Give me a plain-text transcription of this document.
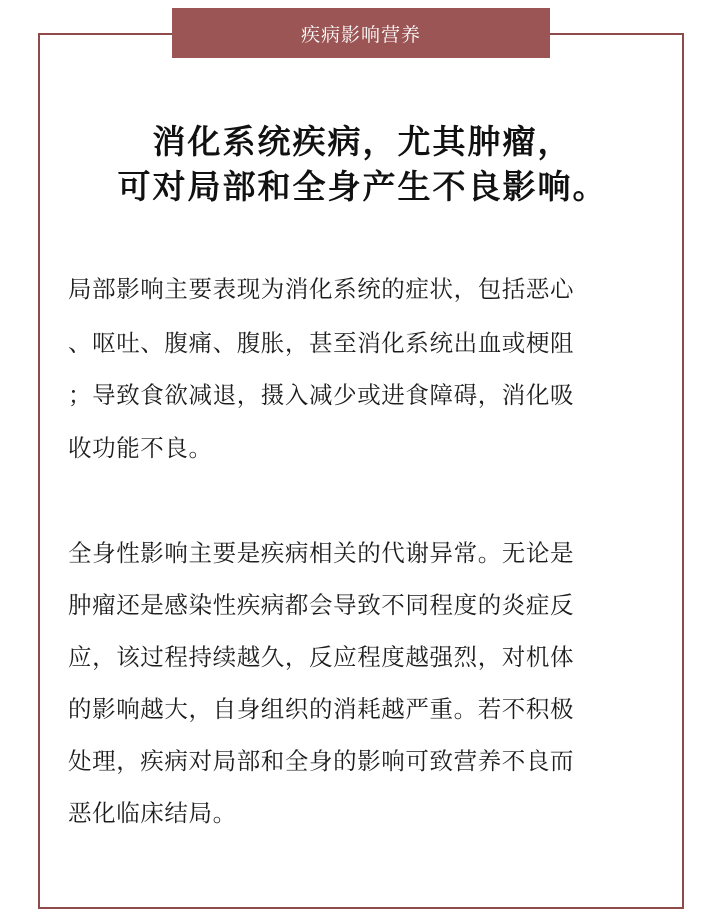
疾病影响营养
消化系统疾病，尤其肿瘤，
可对局部和全身产生不良影响。
局部影响主要表现为消化系统的症状，包括恶心
、呕吐、腹痛、腹胀，甚至消化系统出血或梗阻
；导致食欲减退，摄入减少或进食障碍，消化吸
收功能不良。
全身性影响主要是疾病相关的代谢异常。无论是
肿瘤还是感染性疾病都会导致不同程度的炎症反
应，该过程持续越久，反应程度越强烈，对机体
的影响越大，自身组织的消耗越严重。若不积极
处理，疾病对局部和全身的影响可致营养不良而
恶化临床结局。
